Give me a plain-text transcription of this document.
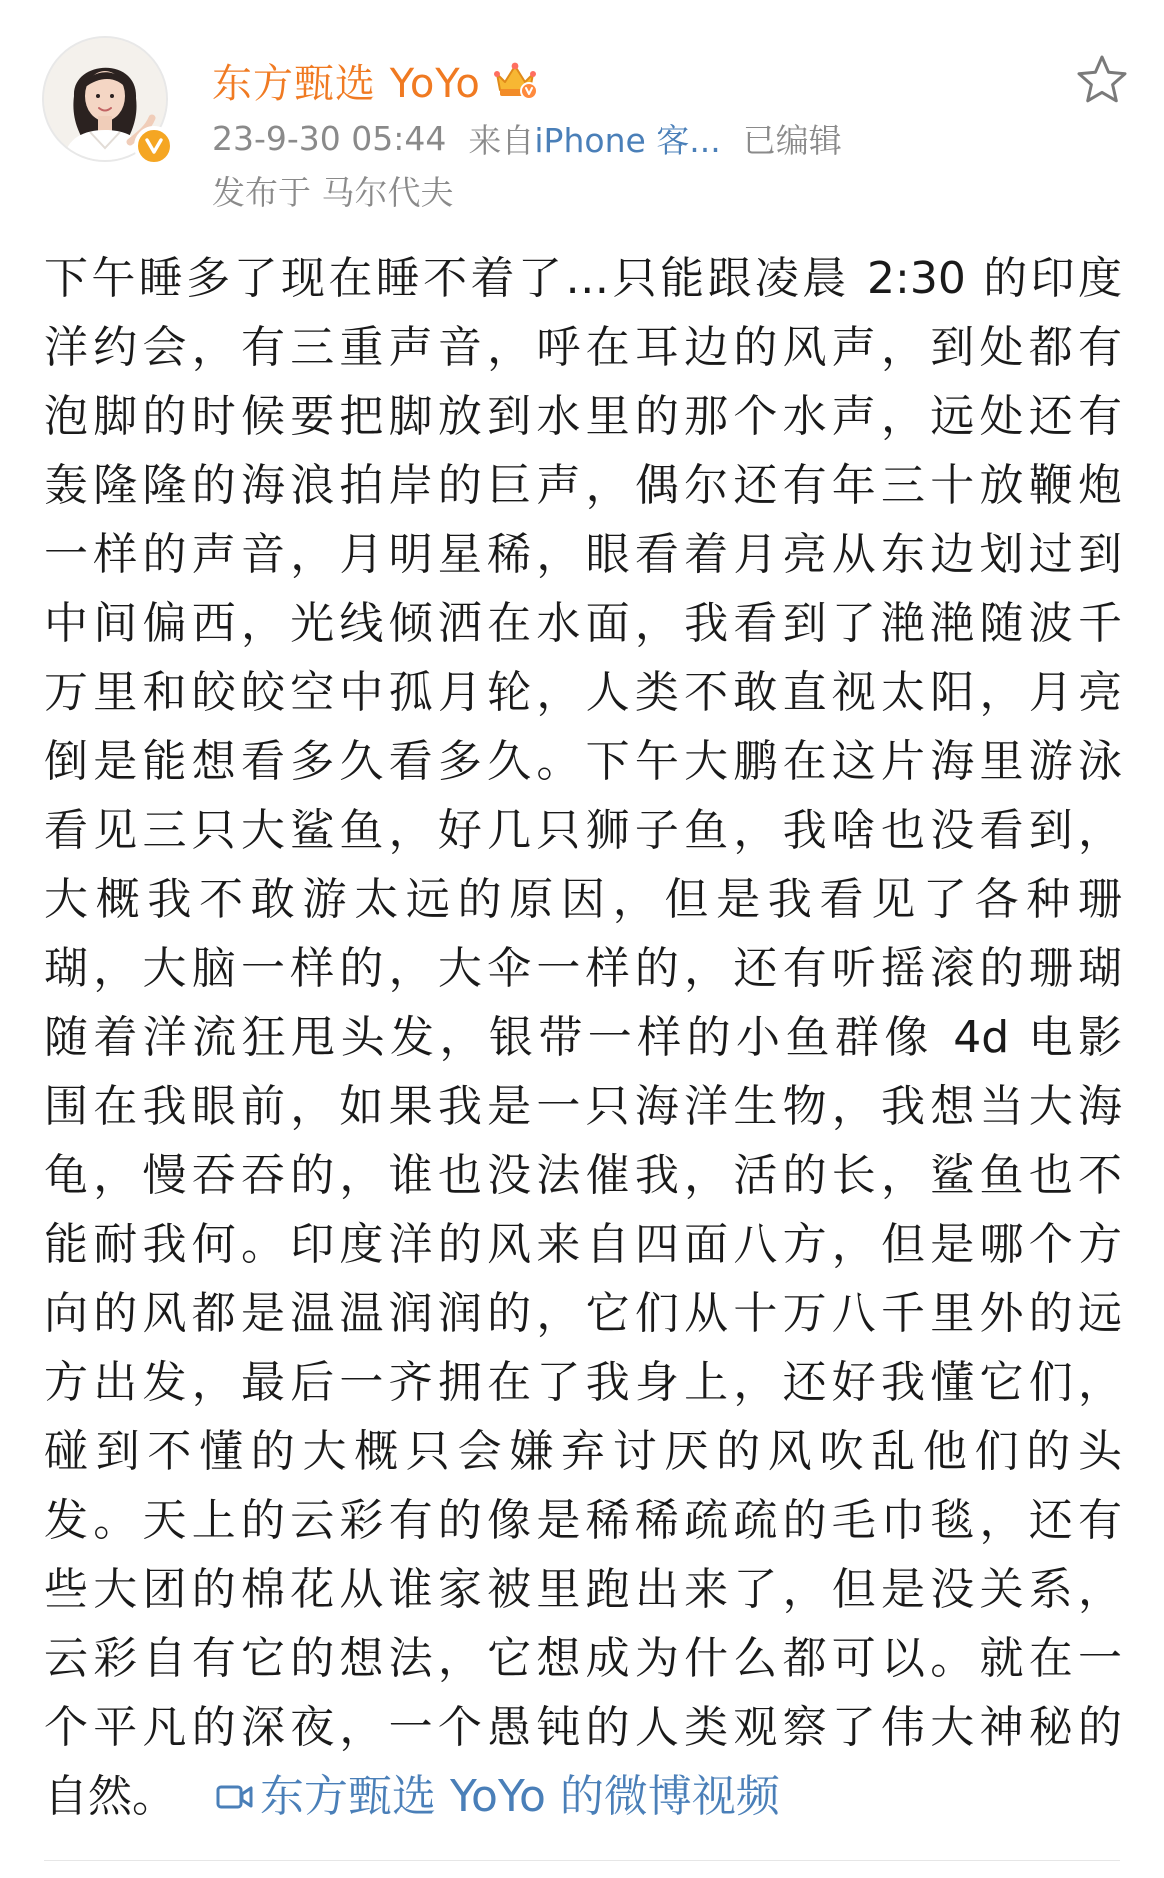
东方甄选 YoYo
23-9-30 05:44 来自 iPhone 客... 已编辑
发布于 马尔代夫
下午睡多了现在睡不着了…只能跟凌晨 2:30 的印度
洋约会，有三重声音，呼在耳边的风声，到处都有
泡脚的时候要把脚放到水里的那个水声，远处还有
轰隆隆的海浪拍岸的巨声，偶尔还有年三十放鞭炮
一样的声音，月明星稀，眼看着月亮从东边划过到
中间偏西，光线倾洒在水面，我看到了滟滟随波千
万里和皎皎空中孤月轮，人类不敢直视太阳，月亮
倒是能想看多久看多久。下午大鹏在这片海里游泳
看见三只大鲨鱼，好几只狮子鱼，我啥也没看到，
大概我不敢游太远的原因，但是我看见了各种珊
瑚，大脑一样的，大伞一样的，还有听摇滚的珊瑚
随着洋流狂甩头发，银带一样的小鱼群像 4d 电影
围在我眼前，如果我是一只海洋生物，我想当大海
龟，慢吞吞的，谁也没法催我，活的长，鲨鱼也不
能耐我何。印度洋的风来自四面八方，但是哪个方
向的风都是温温润润的，它们从十万八千里外的远
方出发，最后一齐拥在了我身上，还好我懂它们，
碰到不懂的大概只会嫌弃讨厌的风吹乱他们的头
发。天上的云彩有的像是稀稀疏疏的毛巾毯，还有
些大团的棉花从谁家被里跑出来了，但是没关系，
云彩自有它的想法，它想成为什么都可以。就在一
个平凡的深夜，一个愚钝的人类观察了伟大神秘的
自然。 东方甄选 YoYo 的微博视频
